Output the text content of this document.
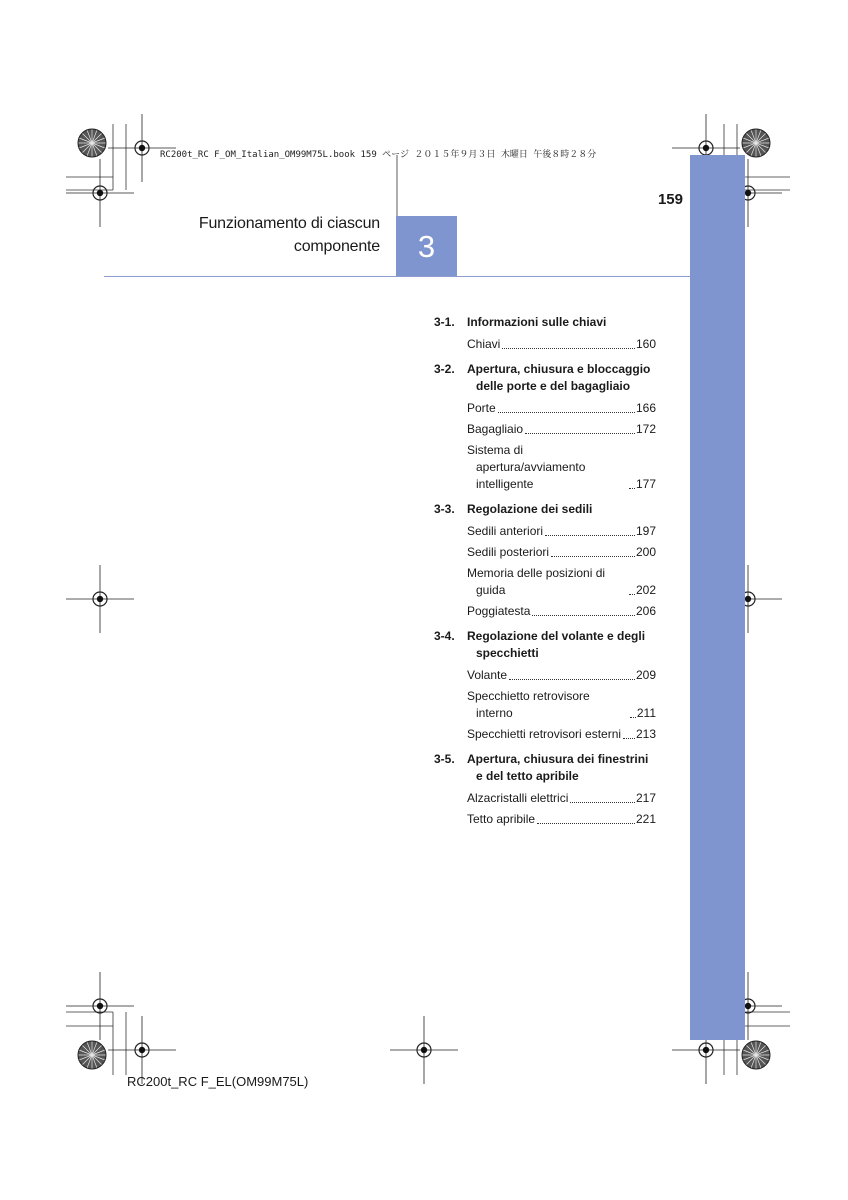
RC200t_RC F_OM_Italian_OM99M75L.book 159 ページ ２０１５年９月３日 木曜日 午後８時２８分
159
Funzionamento di ciascun
componente	3
3-1. Informazioni sulle chiavi
Chiavi	160
3-2. Apertura, chiusura e bloccaggio delle porte e del bagagliaio
Porte	166
Bagagliaio	172
Sistema di apertura/avviamento intelligente	177
3-3. Regolazione dei sedili
Sedili anteriori	197
Sedili posteriori	200
Memoria delle posizioni di guida	202
Poggiatesta	206
3-4. Regolazione del volante e degli specchietti
Volante	209
Specchietto retrovisore interno	211
Specchietti retrovisori esterni 213
3-5. Apertura, chiusura dei finestrini e del tetto apribile
Alzacristalli elettrici	217
Tetto apribile	221
RC200t_RC F_EL(OM99M75L)
